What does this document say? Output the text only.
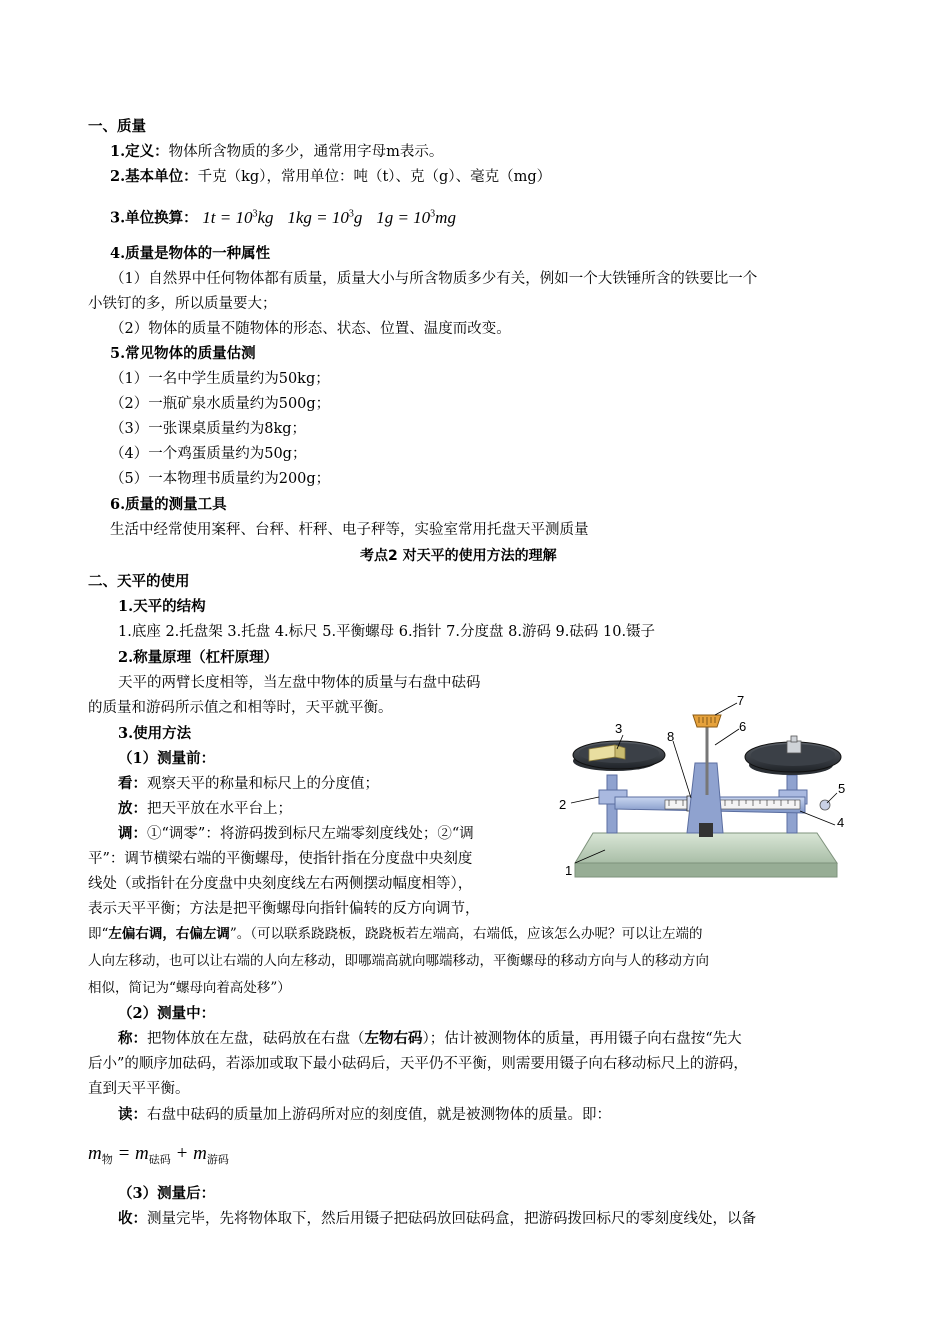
一、质量
1.定义：物体所含物质的多少，通常用字母m表示。
2.基本单位：千克（kg），常用单位：吨（t）、克（g）、毫克（mg）
3.单位换算： $1t = 10^3kg$ $1kg = 10^3g$ $1g = 10^3mg$
4.质量是物体的一种属性
（1）自然界中任何物体都有质量，质量大小与所含物质多少有关，例如一个大铁锤所含的铁要比一个
小铁钉的多，所以质量要大；
（2）物体的质量不随物体的形态、状态、位置、温度而改变。
5.常见物体的质量估测
（1）一名中学生质量约为50kg；
（2）一瓶矿泉水质量约为500g；
（3）一张课桌质量约为8kg；
（4）一个鸡蛋质量约为50g；
（5）一本物理书质量约为200g；
6.质量的测量工具
生活中经常使用案秤、台秤、杆秤、电子秤等，实验室常用托盘天平测质量
考点2 对天平的使用方法的理解
二、天平的使用
1.天平的结构
1.底座 2.托盘架 3.托盘 4.标尺 5.平衡螺母 6.指针 7.分度盘 8.游码 9.砝码 10.镊子
2.称量原理（杠杆原理）
天平的两臂长度相等，当左盘中物体的质量与右盘中砝码
的质量和游码所示值之和相等时，天平就平衡。
3.使用方法
（1）测量前：
看：观察天平的称量和标尺上的分度值；
放：把天平放在水平台上；
调：①“调零”：将游码拨到标尺左端零刻度线处；②“调
平”：调节横梁右端的平衡螺母，使指针指在分度盘中央刻度
线处（或指针在分度盘中央刻度线左右两侧摆动幅度相等），
表示天平平衡；方法是把平衡螺母向指针偏转的反方向调节，
即“左偏右调，右偏左调”。（可以联系跷跷板，跷跷板若左端高，右端低，应该怎么办呢？可以让左端的
人向左移动，也可以让右端的人向左移动，即哪端高就向哪端移动，平衡螺母的移动方向与人的移动方向
相似，简记为“螺母向着高处移”）
（2）测量中：
称：把物体放在左盘，砝码放在右盘（左物右码）；估计被测物体的质量，再用镊子向右盘按“先大
后小”的顺序加砝码，若添加或取下最小砝码后，天平仍不平衡，则需要用镊子向右移动标尺上的游码，
直到天平平衡。
读：右盘中砝码的质量加上游码所对应的刻度值，就是被测物体的质量。即：
$m_物 = m_{砝码} + m_{游码}$
（3）测量后：
收：测量完毕，先将物体取下，然后用镊子把砝码放回砝码盒，把游码拨回标尺的零刻度线处，以备
1
2
3
4
5
6
7
8
